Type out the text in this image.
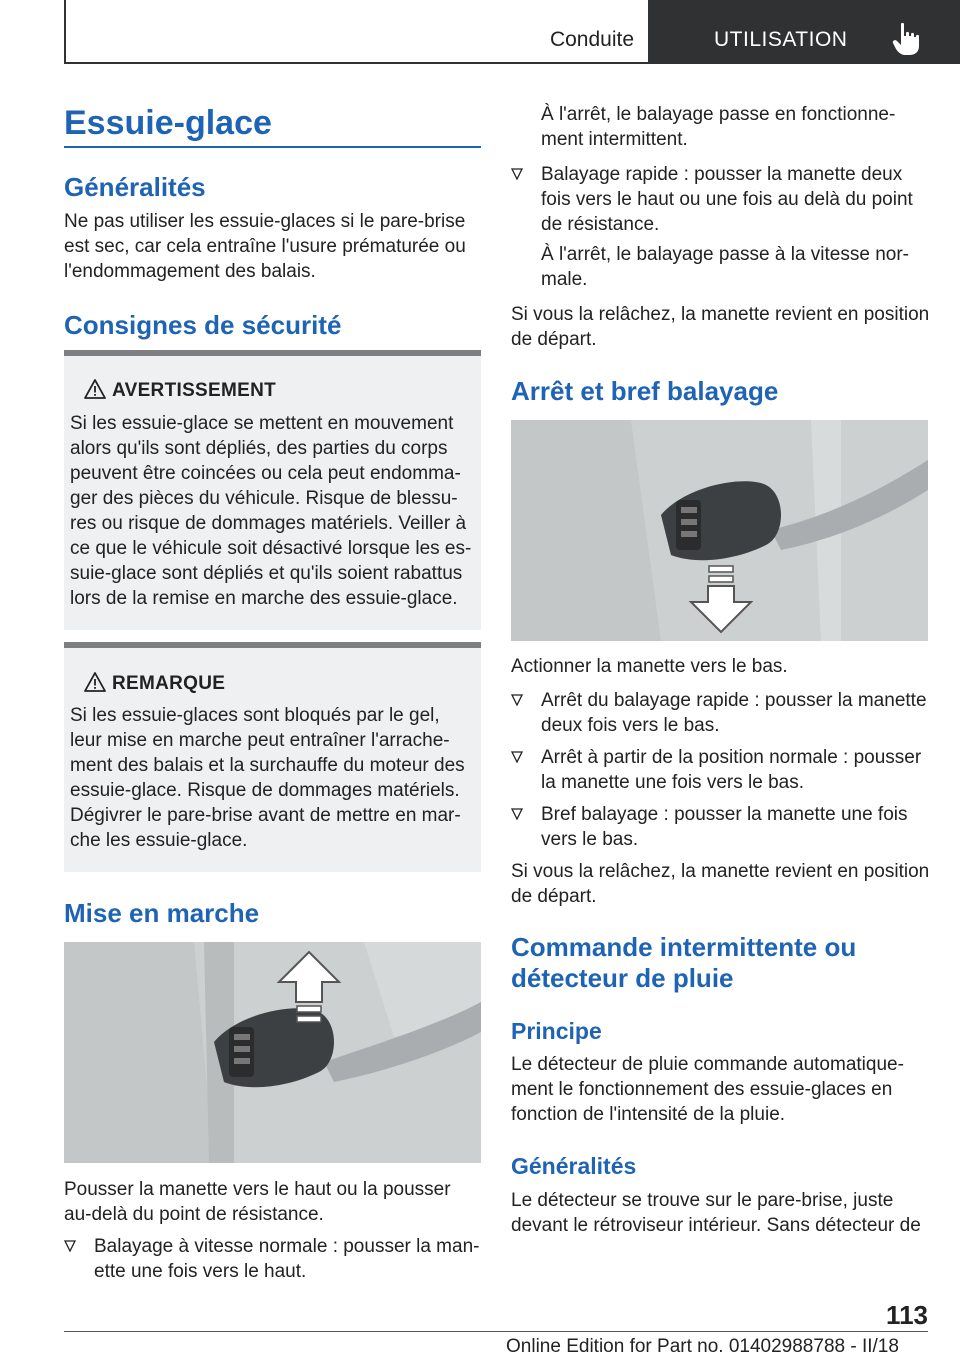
Conduite	UTILISATION
Essuie-glace
Généralités
Ne pas utiliser les essuie-glaces si le pare-brise
est sec, car cela entraîne l'usure prématurée ou
l'endommagement des balais.
Consignes de sécurité
AVERTISSEMENT
Si les essuie-glace se mettent en mouvement
alors qu'ils sont dépliés, des parties du corps
peuvent être coincées ou cela peut endomma-
ger des pièces du véhicule. Risque de blessu-
res ou risque de dommages matériels. Veiller à
ce que le véhicule soit désactivé lorsque les es-
suie-glace sont dépliés et qu'ils soient rabattus
lors de la remise en marche des essuie-glace.
REMARQUE
Si les essuie-glaces sont bloqués par le gel,
leur mise en marche peut entraîner l'arrache-
ment des balais et la surchauffe du moteur des
essuie-glace. Risque de dommages matériels.
Dégivrer le pare-brise avant de mettre en mar-
che les essuie-glace.
Mise en marche
Pousser la manette vers le haut ou la pousser
au-delà du point de résistance.
Balayage à vitesse normale : pousser la man-
ette une fois vers le haut.
À l'arrêt, le balayage passe en fonctionne-
ment intermittent.
Balayage rapide : pousser la manette deux
fois vers le haut ou une fois au delà du point
de résistance.
À l'arrêt, le balayage passe à la vitesse nor-
male.
Si vous la relâchez, la manette revient en position
de départ.
Arrêt et bref balayage
Actionner la manette vers le bas.
Arrêt du balayage rapide : pousser la manette
deux fois vers le bas.
Arrêt à partir de la position normale : pousser
la manette une fois vers le bas.
Bref balayage : pousser la manette une fois
vers le bas.
Si vous la relâchez, la manette revient en position
de départ.
Commande intermittente ou
détecteur de pluie
Principe
Le détecteur de pluie commande automatique-
ment le fonctionnement des essuie-glaces en
fonction de l'intensité de la pluie.
Généralités
Le détecteur se trouve sur le pare-brise, juste
devant le rétroviseur intérieur. Sans détecteur de
113
Online Edition for Part no. 01402988788 - II/18
